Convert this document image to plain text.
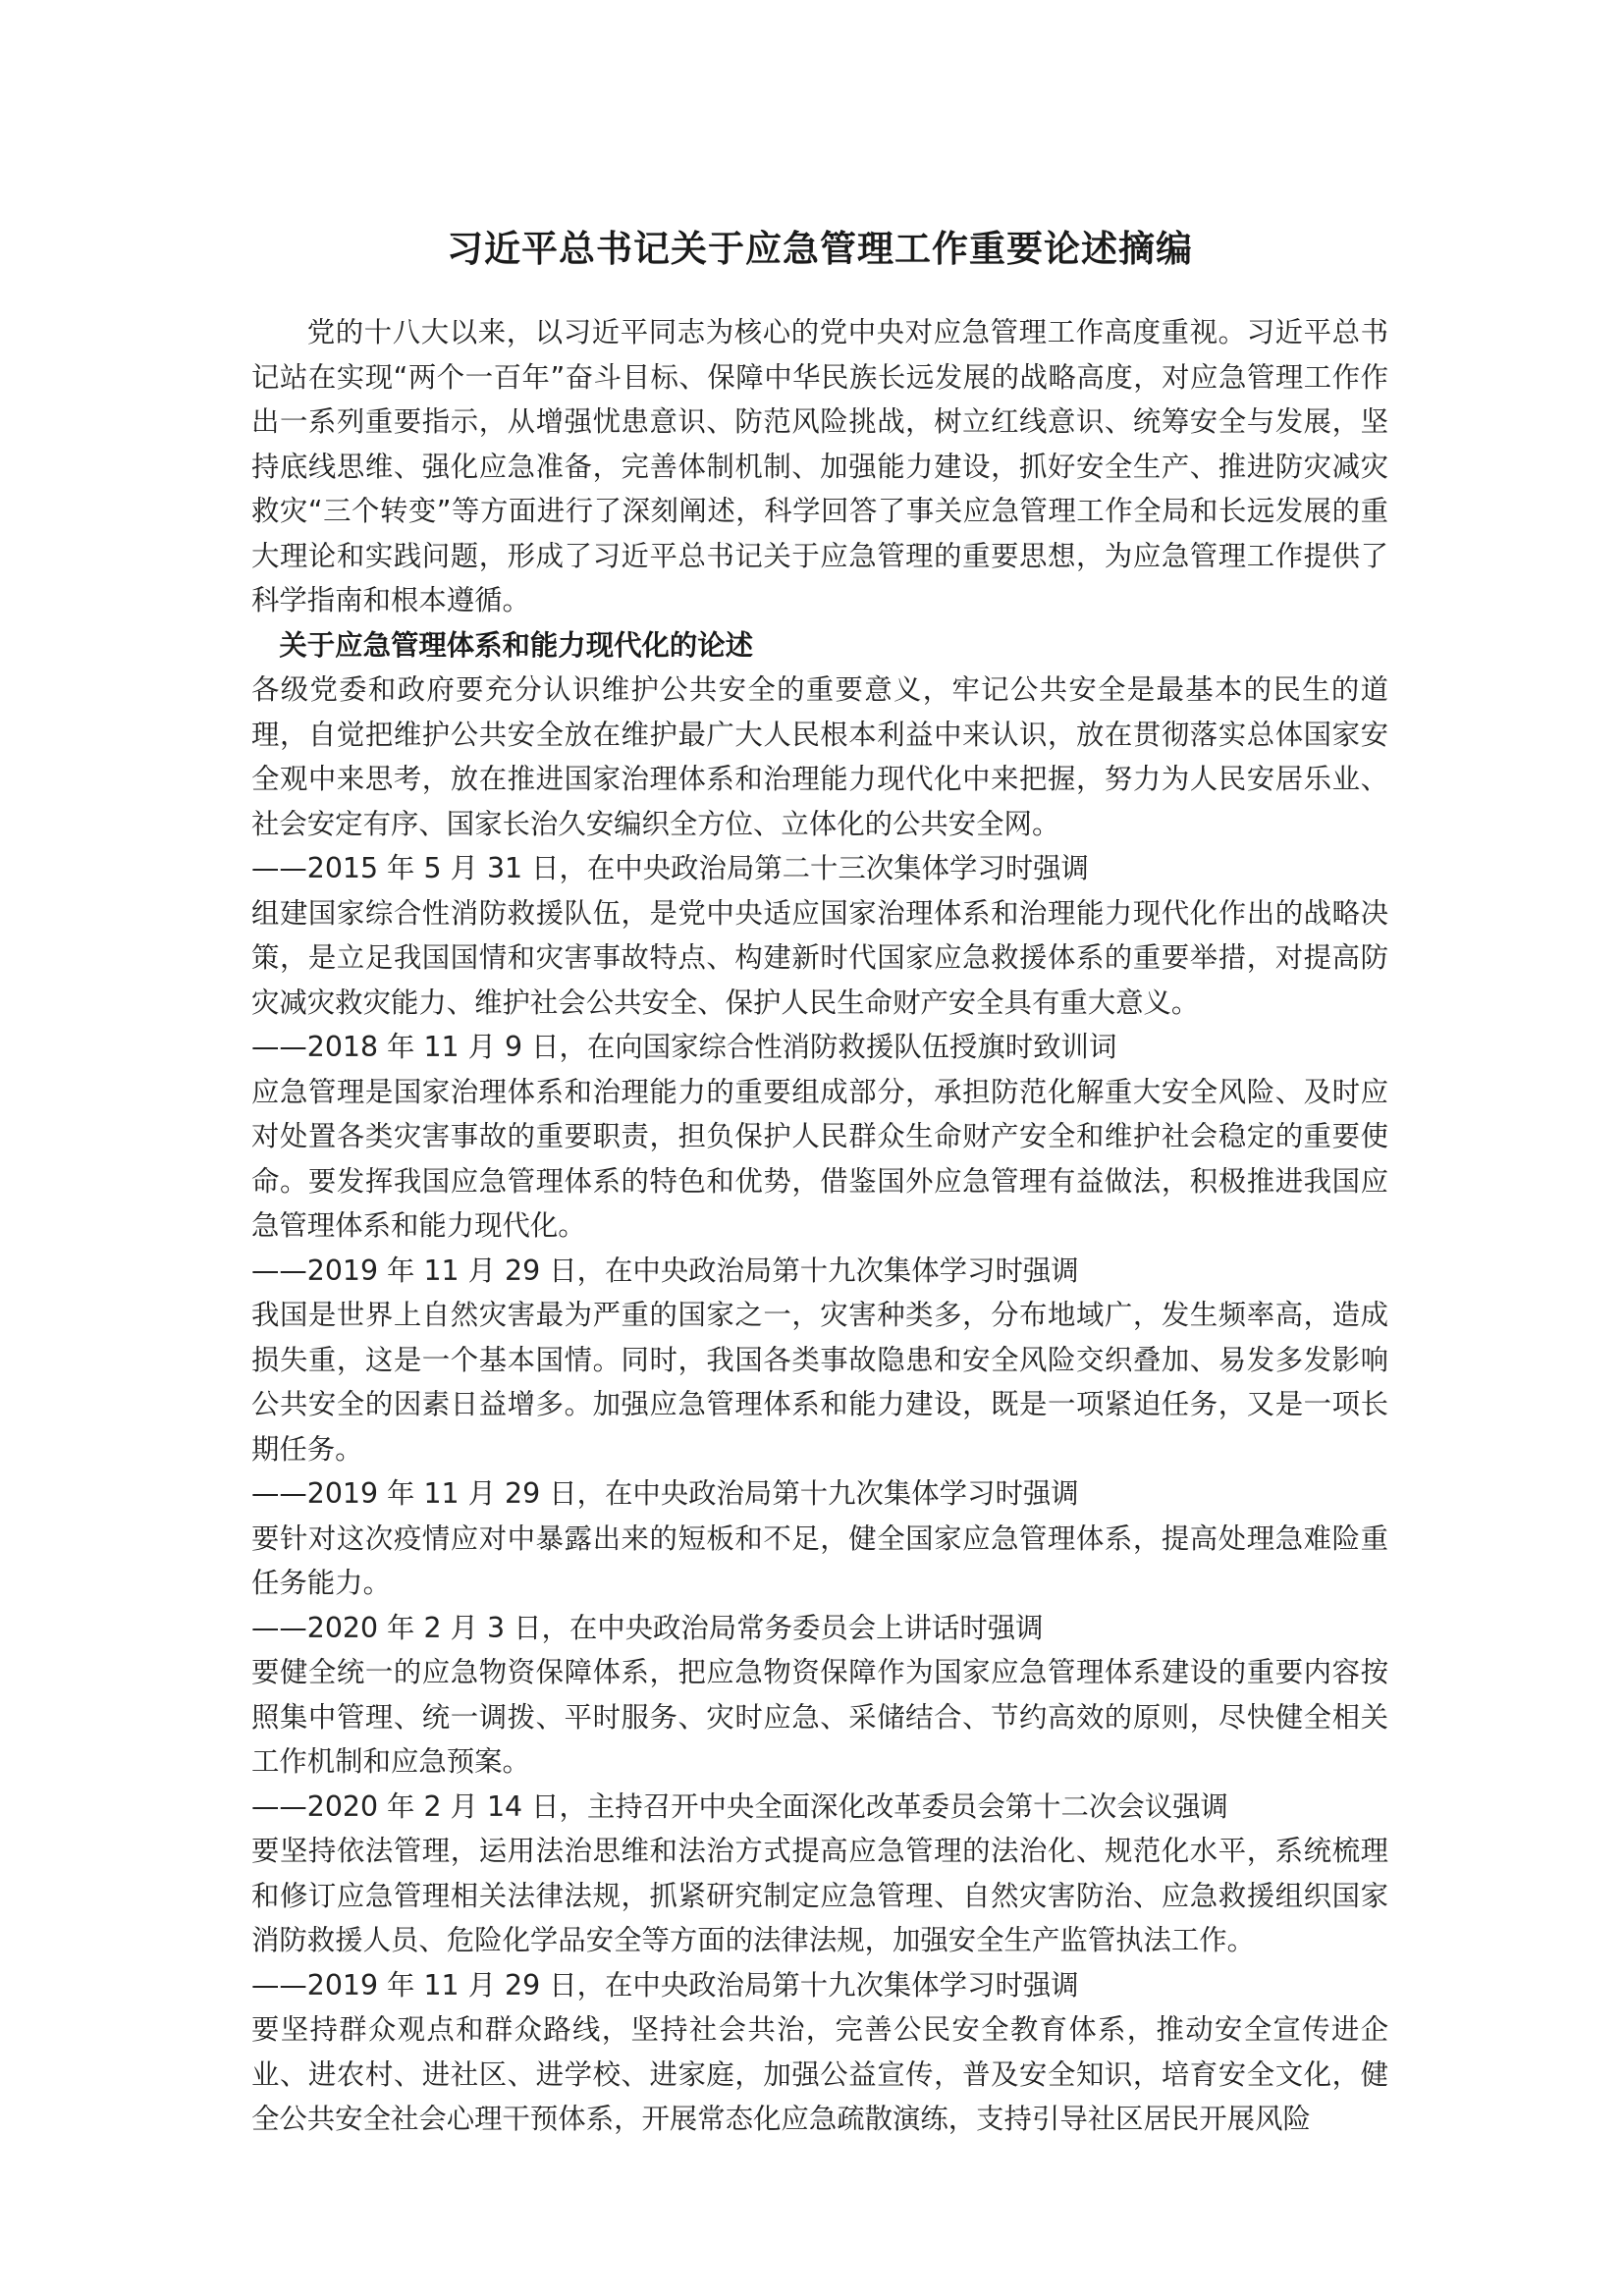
习近平总书记关于应急管理工作重要论述摘编

党的十八大以来，以习近平同志为核心的党中央对应急管理工作高度重视。习近平总书记站在实现“两个一百年”奋斗目标、保障中华民族长远发展的战略高度，对应急管理工作作出一系列重要指示，从增强忧患意识、防范风险挑战，树立红线意识、统筹安全与发展，坚持底线思维、强化应急准备，完善体制机制、加强能力建设，抓好安全生产、推进防灾减灾救灾“三个转变”等方面进行了深刻阐述，科学回答了事关应急管理工作全局和长远发展的重大理论和实践问题，形成了习近平总书记关于应急管理的重要思想，为应急管理工作提供了科学指南和根本遵循。

关于应急管理体系和能力现代化的论述

各级党委和政府要充分认识维护公共安全的重要意义，牢记公共安全是最基本的民生的道理，自觉把维护公共安全放在维护最广大人民根本利益中来认识，放在贯彻落实总体国家安全观中来思考，放在推进国家治理体系和治理能力现代化中来把握，努力为人民安居乐业、社会安定有序、国家长治久安编织全方位、立体化的公共安全网。

——2015 年 5 月 31 日，在中央政治局第二十三次集体学习时强调

组建国家综合性消防救援队伍，是党中央适应国家治理体系和治理能力现代化作出的战略决策，是立足我国国情和灾害事故特点、构建新时代国家应急救援体系的重要举措，对提高防灾减灾救灾能力、维护社会公共安全、保护人民生命财产安全具有重大意义。

——2018 年 11 月 9 日，在向国家综合性消防救援队伍授旗时致训词

应急管理是国家治理体系和治理能力的重要组成部分，承担防范化解重大安全风险、及时应对处置各类灾害事故的重要职责，担负保护人民群众生命财产安全和维护社会稳定的重要使命。要发挥我国应急管理体系的特色和优势，借鉴国外应急管理有益做法，积极推进我国应急管理体系和能力现代化。

——2019 年 11 月 29 日，在中央政治局第十九次集体学习时强调

我国是世界上自然灾害最为严重的国家之一，灾害种类多，分布地域广，发生频率高，造成损失重，这是一个基本国情。同时，我国各类事故隐患和安全风险交织叠加、易发多发影响公共安全的因素日益增多。加强应急管理体系和能力建设，既是一项紧迫任务，又是一项长期任务。

——2019 年 11 月 29 日，在中央政治局第十九次集体学习时强调

要针对这次疫情应对中暴露出来的短板和不足，健全国家应急管理体系，提高处理急难险重任务能力。

——2020 年 2 月 3 日，在中央政治局常务委员会上讲话时强调

要健全统一的应急物资保障体系，把应急物资保障作为国家应急管理体系建设的重要内容按照集中管理、统一调拨、平时服务、灾时应急、采储结合、节约高效的原则，尽快健全相关工作机制和应急预案。

——2020 年 2 月 14 日，主持召开中央全面深化改革委员会第十二次会议强调

要坚持依法管理，运用法治思维和法治方式提高应急管理的法治化、规范化水平，系统梳理和修订应急管理相关法律法规，抓紧研究制定应急管理、自然灾害防治、应急救援组织国家消防救援人员、危险化学品安全等方面的法律法规，加强安全生产监管执法工作。

——2019 年 11 月 29 日，在中央政治局第十九次集体学习时强调

要坚持群众观点和群众路线，坚持社会共治，完善公民安全教育体系，推动安全宣传进企业、进农村、进社区、进学校、进家庭，加强公益宣传，普及安全知识，培育安全文化，健全公共安全社会心理干预体系，开展常态化应急疏散演练，支持引导社区居民开展风险
